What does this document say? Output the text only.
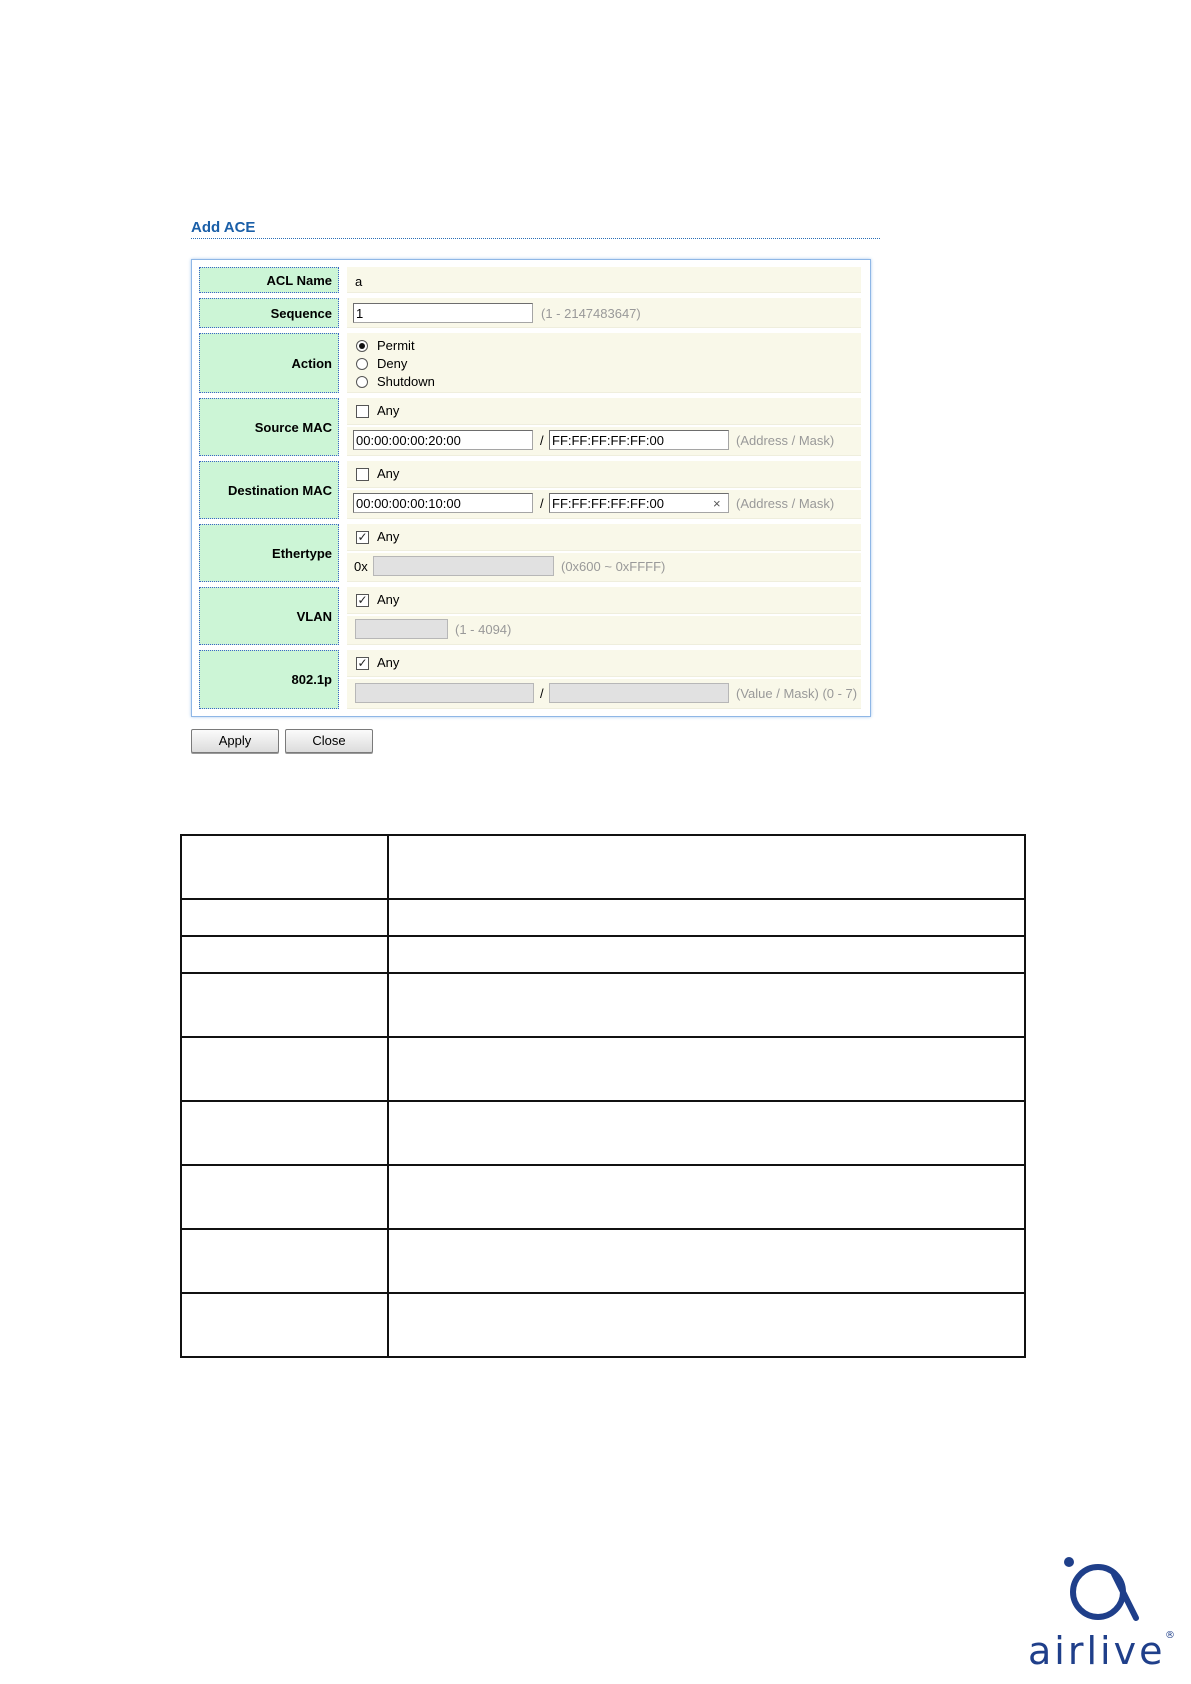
Add ACE
ACL Name	a
Sequence	1	(1 - 2147483647)
Action
Permit
Deny
Shutdown
Source MAC
Any
00:00:00:00:20:00	/ FF:FF:FF:FF:FF:00	(Address / Mask)
Destination MAC
Any
00:00:00:00:10:00	/ FF:FF:FF:FF:FF:00	× (Address / Mask)
Ethertype
✓ Any
0x	(0x600 ~ 0xFFFF)
VLAN
✓ Any
(1 - 4094)
802.1p
✓ Any
/	(Value / Mask) (0 - 7)
Apply	Close

airlive ®
